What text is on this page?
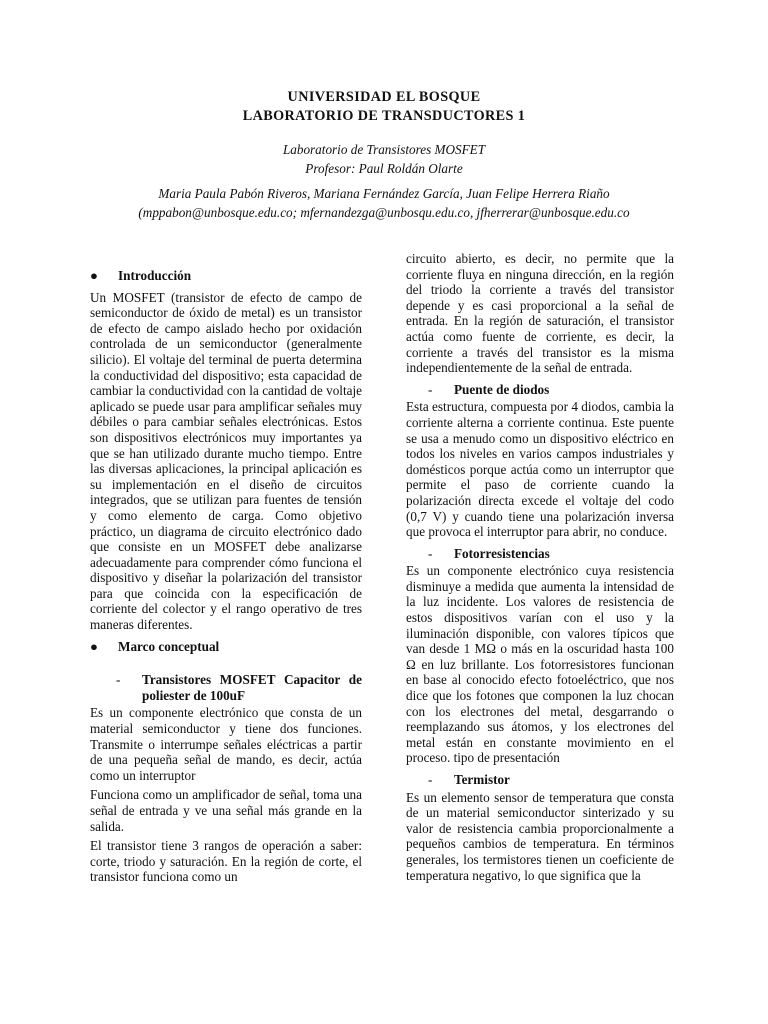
UNIVERSIDAD EL BOSQUE
LABORATORIO DE TRANSDUCTORES 1
Laboratorio de Transistores MOSFET
Profesor: Paul Roldán Olarte
Maria Paula Pabón Riveros, Mariana Fernández García, Juan Felipe Herrera Riaño
(mppabon@unbosque.edu.co; mfernandezga@unbosqu.edu.co, jfherrerar@unbosque.edu.co
● Introducción

Un MOSFET (transistor de efecto de campo de semiconductor de óxido de metal) es un transistor de efecto de campo aislado hecho por oxidación controlada de un semiconductor (generalmente silicio). El voltaje del terminal de puerta determina la conductividad del dispositivo; esta capacidad de cambiar la conductividad con la cantidad de voltaje aplicado se puede usar para amplificar señales muy débiles o para cambiar señales electrónicas. Estos son dispositivos electrónicos muy importantes ya que se han utilizado durante mucho tiempo. Entre las diversas aplicaciones, la principal aplicación es su implementación en el diseño de circuitos integrados, que se utilizan para fuentes de tensión y como elemento de carga. Como objetivo práctico, un diagrama de circuito electrónico dado que consiste en un MOSFET debe analizarse adecuadamente para comprender cómo funciona el dispositivo y diseñar la polarización del transistor para que coincida con la especificación de corriente del colector y el rango operativo de tres maneras diferentes.

● Marco conceptual
- Transistores MOSFET Capacitor de poliester de 100uF

Es un componente electrónico que consta de un material semiconductor y tiene dos funciones. Transmite o interrumpe señales eléctricas a partir de una pequeña señal de mando, es decir, actúa como un interruptor

Funciona como un amplificador de señal, toma una señal de entrada y ve una señal más grande en la salida.

El transistor tiene 3 rangos de operación a saber: corte, triodo y saturación. En la región de corte, el transistor funciona como un

circuito abierto, es decir, no permite que la corriente fluya en ninguna dirección, en la región del triodo la corriente a través del transistor depende y es casi proporcional a la señal de entrada. En la región de saturación, el transistor actúa como fuente de corriente, es decir, la corriente a través del transistor es la misma independientemente de la señal de entrada.

- Puente de diodos

Esta estructura, compuesta por 4 diodos, cambia la corriente alterna a corriente continua. Este puente se usa a menudo como un dispositivo eléctrico en todos los niveles en varios campos industriales y domésticos porque actúa como un interruptor que permite el paso de corriente cuando la polarización directa excede el voltaje del codo (0,7 V) y cuando tiene una polarización inversa que provoca el interruptor para abrir, no conduce.

- Fotorresistencias

Es un componente electrónico cuya resistencia disminuye a medida que aumenta la intensidad de la luz incidente. Los valores de resistencia de estos dispositivos varían con el uso y la iluminación disponible, con valores típicos que van desde 1 MΩ o más en la oscuridad hasta 100 Ω en luz brillante. Los fotorresistores funcionan en base al conocido efecto fotoeléctrico, que nos dice que los fotones que componen la luz chocan con los electrones del metal, desgarrando o reemplazando sus átomos, y los electrones del metal están en constante movimiento en el proceso. tipo de presentación

- Termistor

Es un elemento sensor de temperatura que consta de un material semiconductor sinterizado y su valor de resistencia cambia proporcionalmente a pequeños cambios de temperatura. En términos generales, los termistores tienen un coeficiente de temperatura negativo, lo que significa que la
